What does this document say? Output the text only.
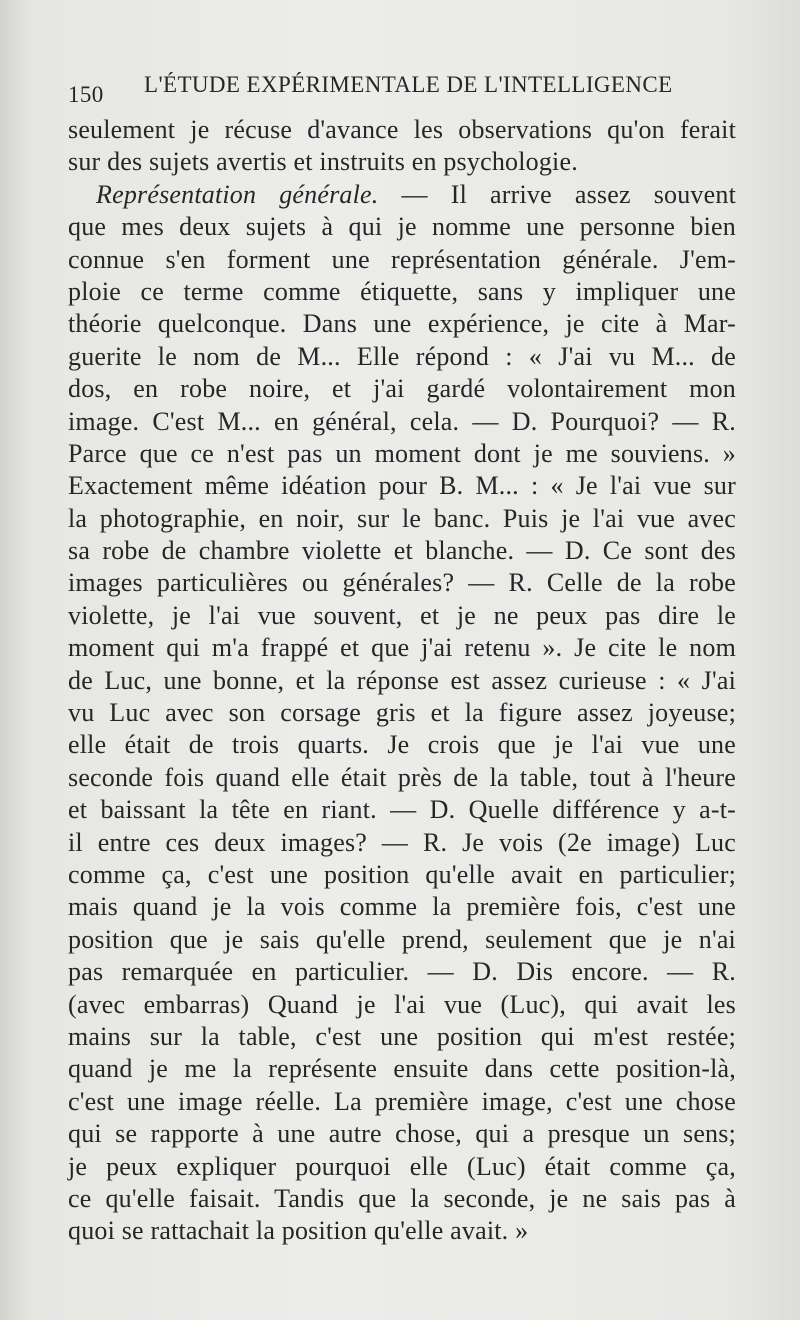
150 L'ÉTUDE EXPÉRIMENTALE DE L'INTELLIGENCE
seulement je récuse d'avance les observations qu'on ferait
sur des sujets avertis et instruits en psychologie.
Représentation générale. — Il arrive assez souvent
que mes deux sujets à qui je nomme une personne bien
connue s'en forment une représentation générale. J'em-
ploie ce terme comme étiquette, sans y impliquer une
théorie quelconque. Dans une expérience, je cite à Mar-
guerite le nom de M... Elle répond : « J'ai vu M... de
dos, en robe noire, et j'ai gardé volontairement mon
image. C'est M... en général, cela. — D. Pourquoi? — R.
Parce que ce n'est pas un moment dont je me souviens. »
Exactement même idéation pour B. M... : « Je l'ai vue sur
la photographie, en noir, sur le banc. Puis je l'ai vue avec
sa robe de chambre violette et blanche. — D. Ce sont des
images particulières ou générales? — R. Celle de la robe
violette, je l'ai vue souvent, et je ne peux pas dire le
moment qui m'a frappé et que j'ai retenu ». Je cite le nom
de Luc, une bonne, et la réponse est assez curieuse : « J'ai
vu Luc avec son corsage gris et la figure assez joyeuse;
elle était de trois quarts. Je crois que je l'ai vue une
seconde fois quand elle était près de la table, tout à l'heure
et baissant la tête en riant. — D. Quelle différence y a-t-
il entre ces deux images? — R. Je vois (2e image) Luc
comme ça, c'est une position qu'elle avait en particulier;
mais quand je la vois comme la première fois, c'est une
position que je sais qu'elle prend, seulement que je n'ai
pas remarquée en particulier. — D. Dis encore. — R.
(avec embarras) Quand je l'ai vue (Luc), qui avait les
mains sur la table, c'est une position qui m'est restée;
quand je me la représente ensuite dans cette position-là,
c'est une image réelle. La première image, c'est une chose
qui se rapporte à une autre chose, qui a presque un sens;
je peux expliquer pourquoi elle (Luc) était comme ça,
ce qu'elle faisait. Tandis que la seconde, je ne sais pas à
quoi se rattachait la position qu'elle avait. »
